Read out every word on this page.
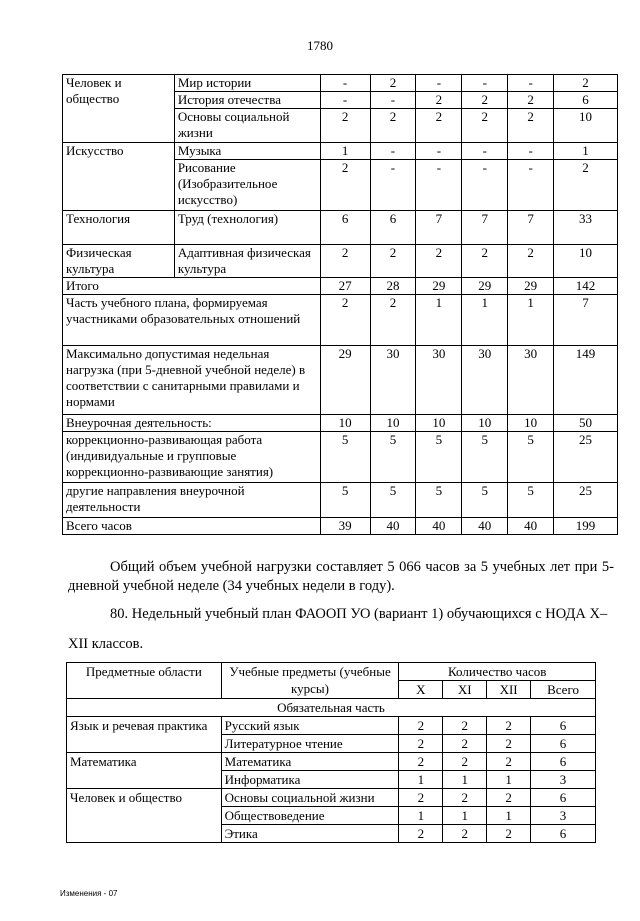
1780
Человек и общество	Мир истории	-	2	-	-	-	2
	История отечества	-	-	2	2	2	6
	Основы социальной жизни	2	2	2	2	2	10
Искусство	Музыка	1	-	-	-	-	1
	Рисование (Изобразительное искусство)	2	-	-	-	-	2
Технология	Труд (технология)	6	6	7	7	7	33
Физическая культура	Адаптивная физическая культура	2	2	2	2	2	10
Итого		27	28	29	29	29	142
Часть учебного плана, формируемая участниками образовательных отношений		2	2	1	1	1	7
Максимально допустимая недельная нагрузка (при 5-дневной учебной неделе) в соответствии с санитарными правилами и нормами		29	30	30	30	30	149
Внеурочная деятельность:		10	10	10	10	10	50
коррекционно-развивающая работа (индивидуальные и групповые коррекционно-развивающие занятия)		5	5	5	5	5	25
другие направления внеурочной деятельности		5	5	5	5	5	25
Всего часов		39	40	40	40	40	199
Общий объем учебной нагрузки составляет 5 066 часов за 5 учебных лет при 5-дневной учебной неделе (34 учебных недели в году).
80. Недельный учебный план ФАООП УО (вариант 1) обучающихся с НОДА X–XII классов.
Предметные области	Учебные предметы (учебные курсы)	Количество часов			
		X	XI	XII	Всего
Обязательная часть					
Язык и речевая практика	Русский язык	2	2	2	6
	Литературное чтение	2	2	2	6
Математика	Математика	2	2	2	6
	Информатика	1	1	1	3
Человек и общество	Основы социальной жизни	2	2	2	6
	Обществоведение	1	1	1	3
	Этика	2	2	2	6
Изменения - 07
